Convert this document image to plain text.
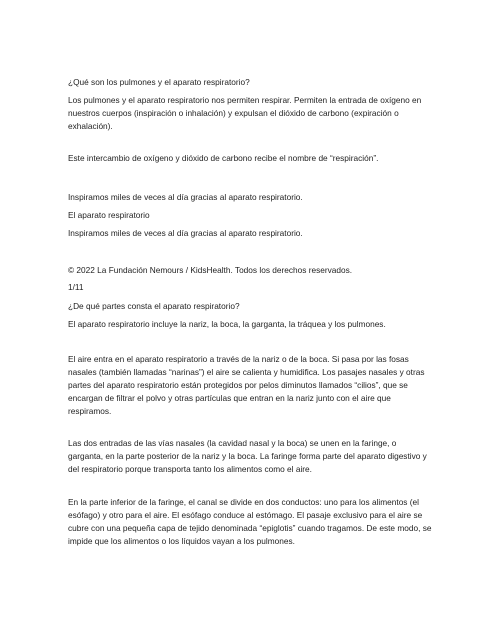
¿Qué son los pulmones y el aparato respiratorio?

Los pulmones y el aparato respiratorio nos permiten respirar. Permiten la entrada de oxígeno en nuestros cuerpos (inspiración o inhalación) y expulsan el dióxido de carbono (expiración o exhalación).

Este intercambio de oxígeno y dióxido de carbono recibe el nombre de “respiración”.

Inspiramos miles de veces al día gracias al aparato respiratorio.

El aparato respiratorio

Inspiramos miles de veces al día gracias al aparato respiratorio.

© 2022 La Fundación Nemours / KidsHealth. Todos los derechos reservados.

1/11

¿De qué partes consta el aparato respiratorio?

El aparato respiratorio incluye la nariz, la boca, la garganta, la tráquea y los pulmones.

El aire entra en el aparato respiratorio a través de la nariz o de la boca. Si pasa por las fosas nasales (también llamadas “narinas”) el aire se calienta y humidifica. Los pasajes nasales y otras partes del aparato respiratorio están protegidos por pelos diminutos llamados “cilios”, que se encargan de filtrar el polvo y otras partículas que entran en la nariz junto con el aire que respiramos.

Las dos entradas de las vías nasales (la cavidad nasal y la boca) se unen en la faringe, o garganta, en la parte posterior de la nariz y la boca. La faringe forma parte del aparato digestivo y del respiratorio porque transporta tanto los alimentos como el aire.

En la parte inferior de la faringe, el canal se divide en dos conductos: uno para los alimentos (el esófago) y otro para el aire. El esófago conduce al estómago. El pasaje exclusivo para el aire se cubre con una pequeña capa de tejido denominada “epiglotis” cuando tragamos. De este modo, se impide que los alimentos o los líquidos vayan a los pulmones.
